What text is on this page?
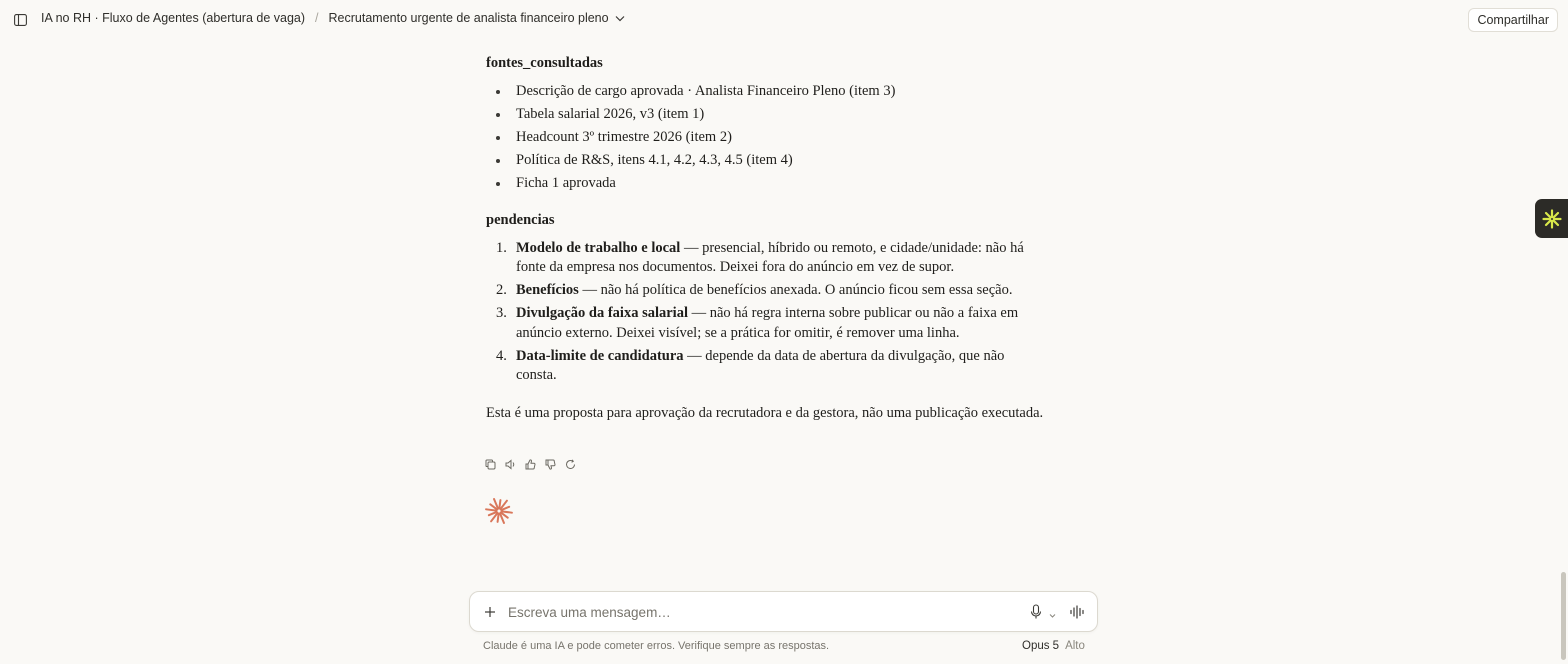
IA no RH · Fluxo de Agentes (abertura de vaga) / Recrutamento urgente de analista financeiro pleno	Compartilhar
fontes_consultadas
Descrição de cargo aprovada · Analista Financeiro Pleno (item 3)
Tabela salarial 2026, v3 (item 1)
Headcount 3º trimestre 2026 (item 2)
Política de R&S, itens 4.1, 4.2, 4.3, 4.5 (item 4)
Ficha 1 aprovada
pendencias
1. Modelo de trabalho e local — presencial, híbrido ou remoto, e cidade/unidade: não há fonte da empresa nos documentos. Deixei fora do anúncio em vez de supor.
2. Benefícios — não há política de benefícios anexada. O anúncio ficou sem essa seção.
3. Divulgação da faixa salarial — não há regra interna sobre publicar ou não a faixa em anúncio externo. Deixei visível; se a prática for omitir, é remover uma linha.
4. Data-limite de candidatura — depende da data de abertura da divulgação, que não consta.

Esta é uma proposta para aprovação da recrutadora e da gestora, não uma publicação executada.

Escreva uma mensagem…
Claude é uma IA e pode cometer erros. Verifique sempre as respostas.	Opus 5 Alto
